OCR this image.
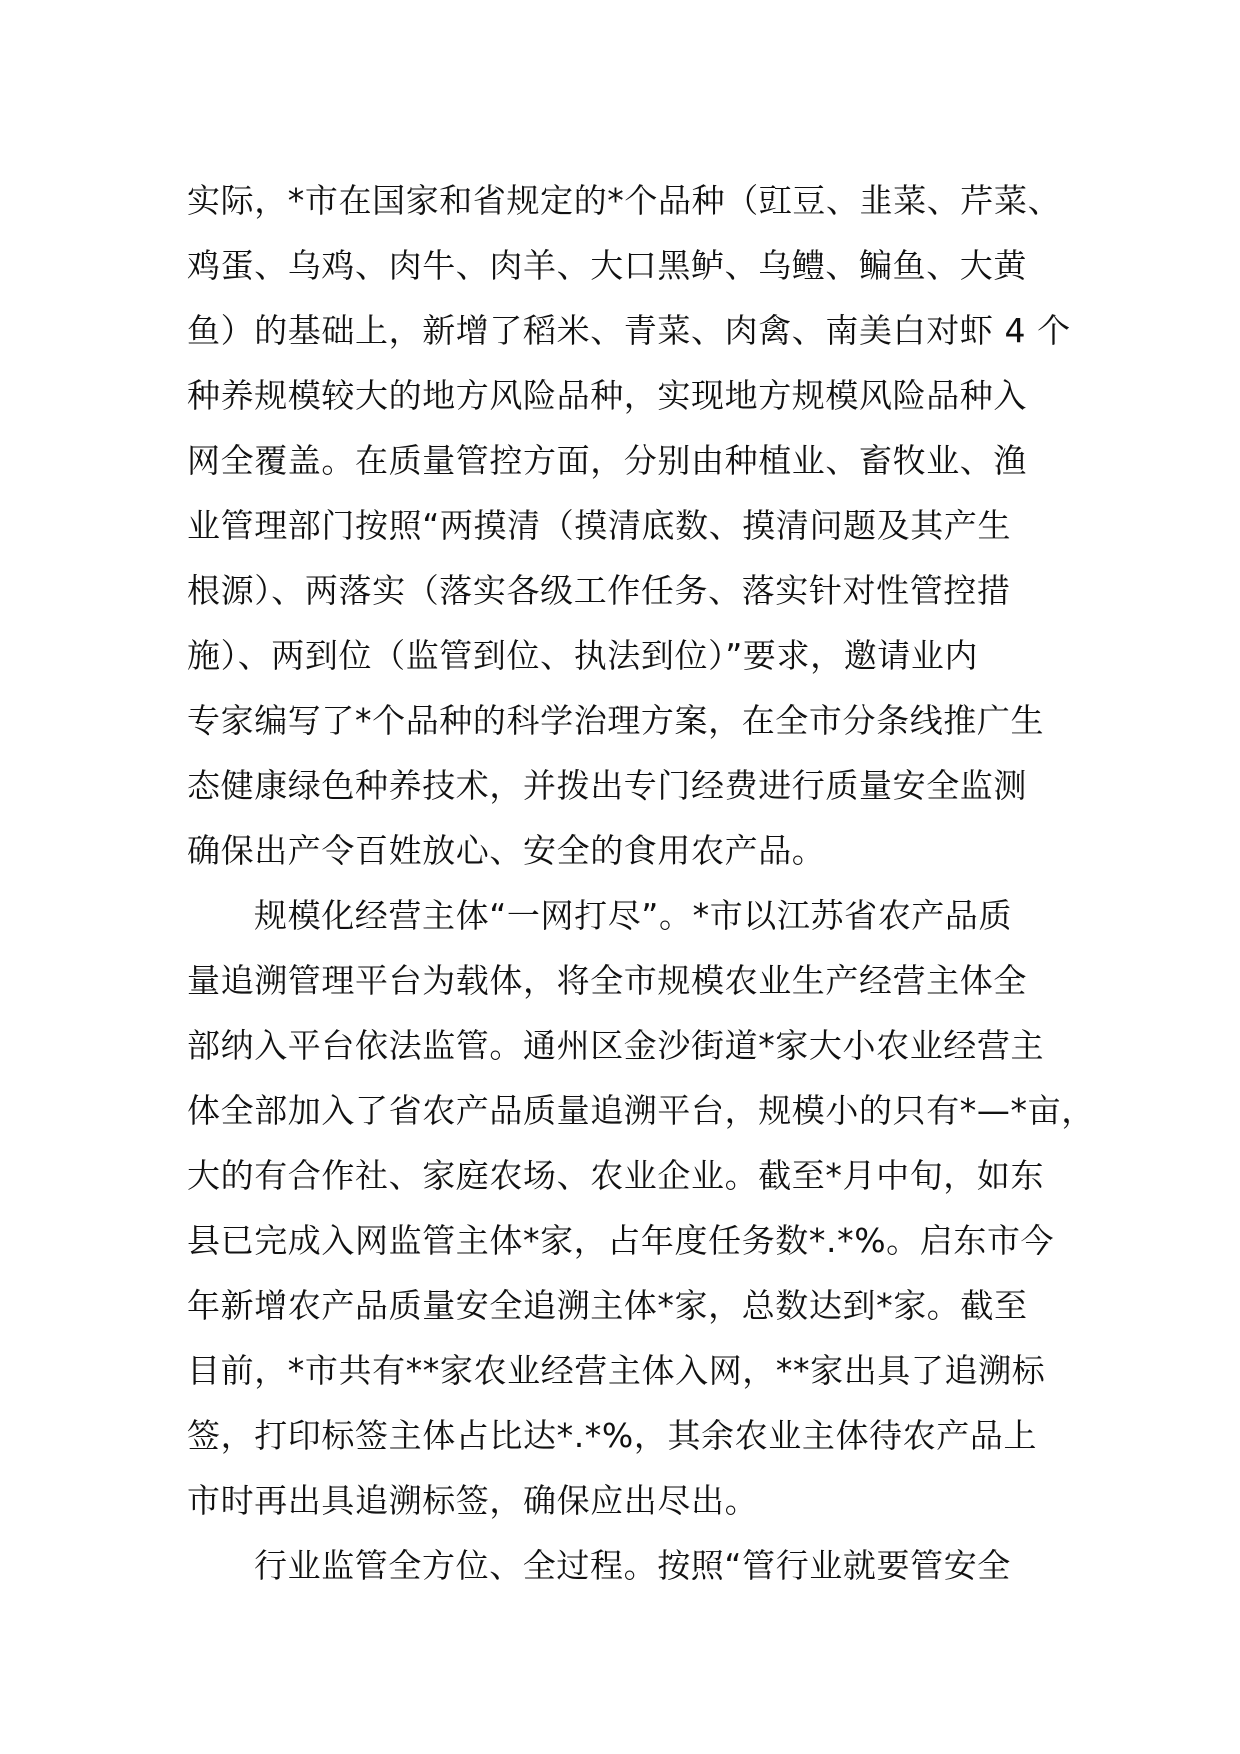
实际，*市在国家和省规定的*个品种（豇豆、韭菜、芹菜、
鸡蛋、乌鸡、肉牛、肉羊、大口黑鲈、乌鳢、鳊鱼、大黄
鱼）的基础上，新增了稻米、青菜、肉禽、南美白对虾 4 个
种养规模较大的地方风险品种，实现地方规模风险品种入
网全覆盖。在质量管控方面，分别由种植业、畜牧业、渔
业管理部门按照“两摸清（摸清底数、摸清问题及其产生
根源）、两落实（落实各级工作任务、落实针对性管控措
施）、两到位（监管到位、执法到位）”要求，邀请业内
专家编写了*个品种的科学治理方案，在全市分条线推广生
态健康绿色种养技术，并拨出专门经费进行质量安全监测
确保出产令百姓放心、安全的食用农产品。
规模化经营主体“一网打尽”。*市以江苏省农产品质
量追溯管理平台为载体，将全市规模农业生产经营主体全
部纳入平台依法监管。通州区金沙街道*家大小农业经营主
体全部加入了省农产品质量追溯平台，规模小的只有*—*亩，
大的有合作社、家庭农场、农业企业。截至*月中旬，如东
县已完成入网监管主体*家，占年度任务数*.*%。启东市今
年新增农产品质量安全追溯主体*家，总数达到*家。截至
目前，*市共有**家农业经营主体入网，**家出具了追溯标
签，打印标签主体占比达*.*%，其余农业主体待农产品上
市时再出具追溯标签，确保应出尽出。
行业监管全方位、全过程。按照“管行业就要管安全
